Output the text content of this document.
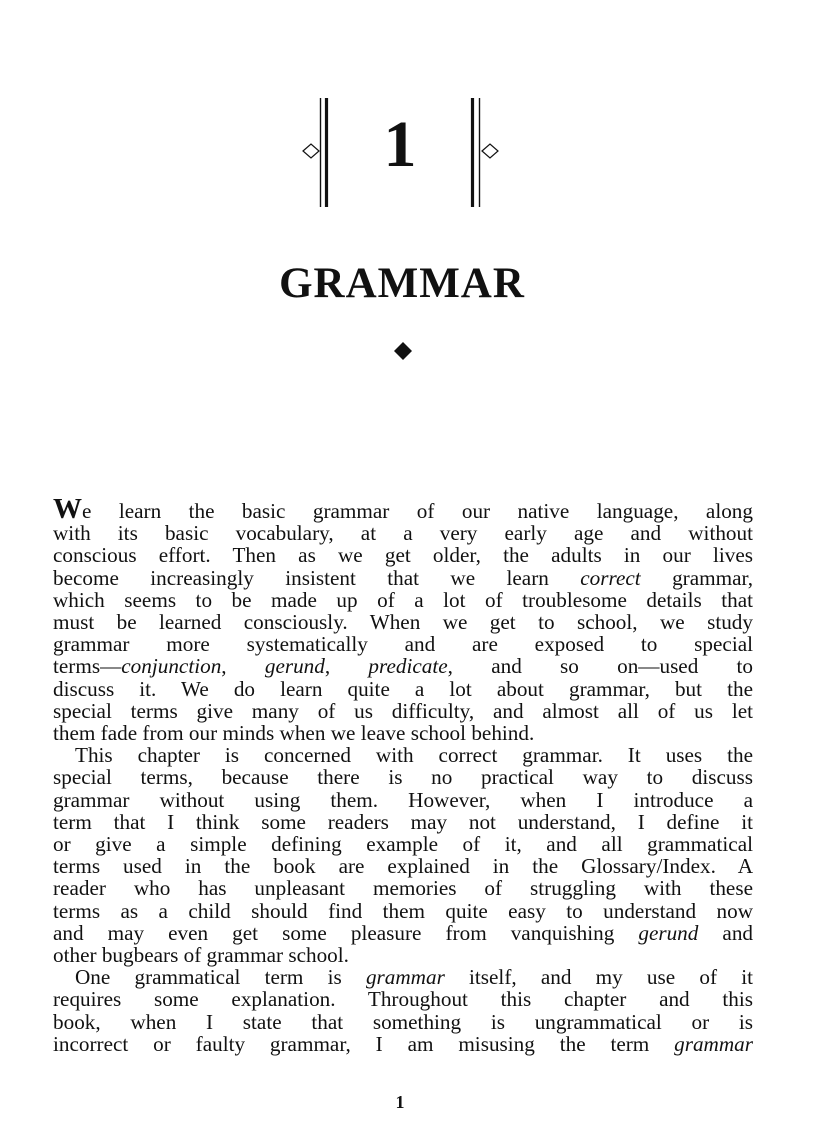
1
GRAMMAR
We learn the basic grammar of our native language, along
with its basic vocabulary, at a very early age and without
conscious effort. Then as we get older, the adults in our lives
become increasingly insistent that we learn correct grammar,
which seems to be made up of a lot of troublesome details that
must be learned consciously. When we get to school, we study
grammar more systematically and are exposed to special
terms—conjunction, gerund, predicate, and so on—used to
discuss it. We do learn quite a lot about grammar, but the
special terms give many of us difficulty, and almost all of us let
them fade from our minds when we leave school behind.
This chapter is concerned with correct grammar. It uses the
special terms, because there is no practical way to discuss
grammar without using them. However, when I introduce a
term that I think some readers may not understand, I define it
or give a simple defining example of it, and all grammatical
terms used in the book are explained in the Glossary/Index. A
reader who has unpleasant memories of struggling with these
terms as a child should find them quite easy to understand now
and may even get some pleasure from vanquishing gerund and
other bugbears of grammar school.
One grammatical term is grammar itself, and my use of it
requires some explanation. Throughout this chapter and this
book, when I state that something is ungrammatical or is
incorrect or faulty grammar, I am misusing the term grammar
1
